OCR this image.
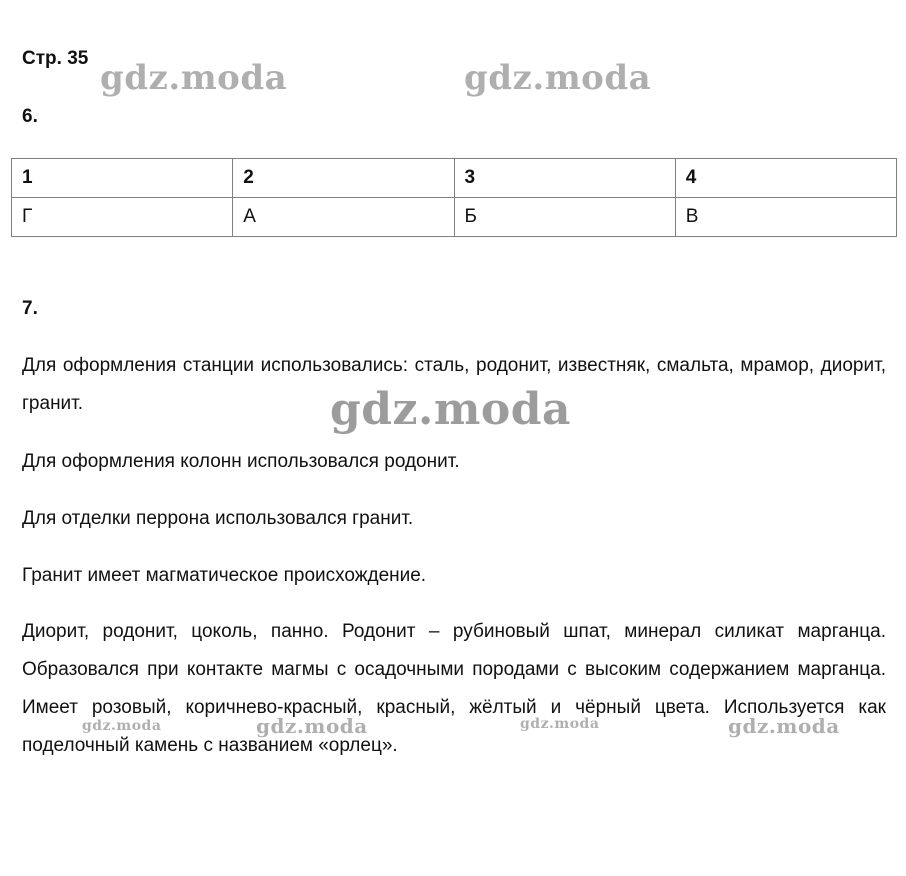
Стр. 35

6.

1	2	3	4
Г	А	Б	В

7.

Для оформления станции использовались: сталь, родонит, известняк, смальта, мрамор, диорит, гранит.

Для оформления колонн использовался родонит.

Для отделки перрона использовался гранит.

Гранит имеет магматическое происхождение.

Диорит, родонит, цоколь, панно. Родонит – рубиновый шпат, минерал силикат марганца. Образовался при контакте магмы с осадочными породами с высоким содержанием марганца. Имеет розовый, коричнево-красный, красный, жёлтый и чёрный цвета. Используется как поделочный камень с названием «орлец».

gdz.moda	gdz.moda
gdz.moda
gdz.moda	gdz.moda	gdz.moda	gdz.moda
